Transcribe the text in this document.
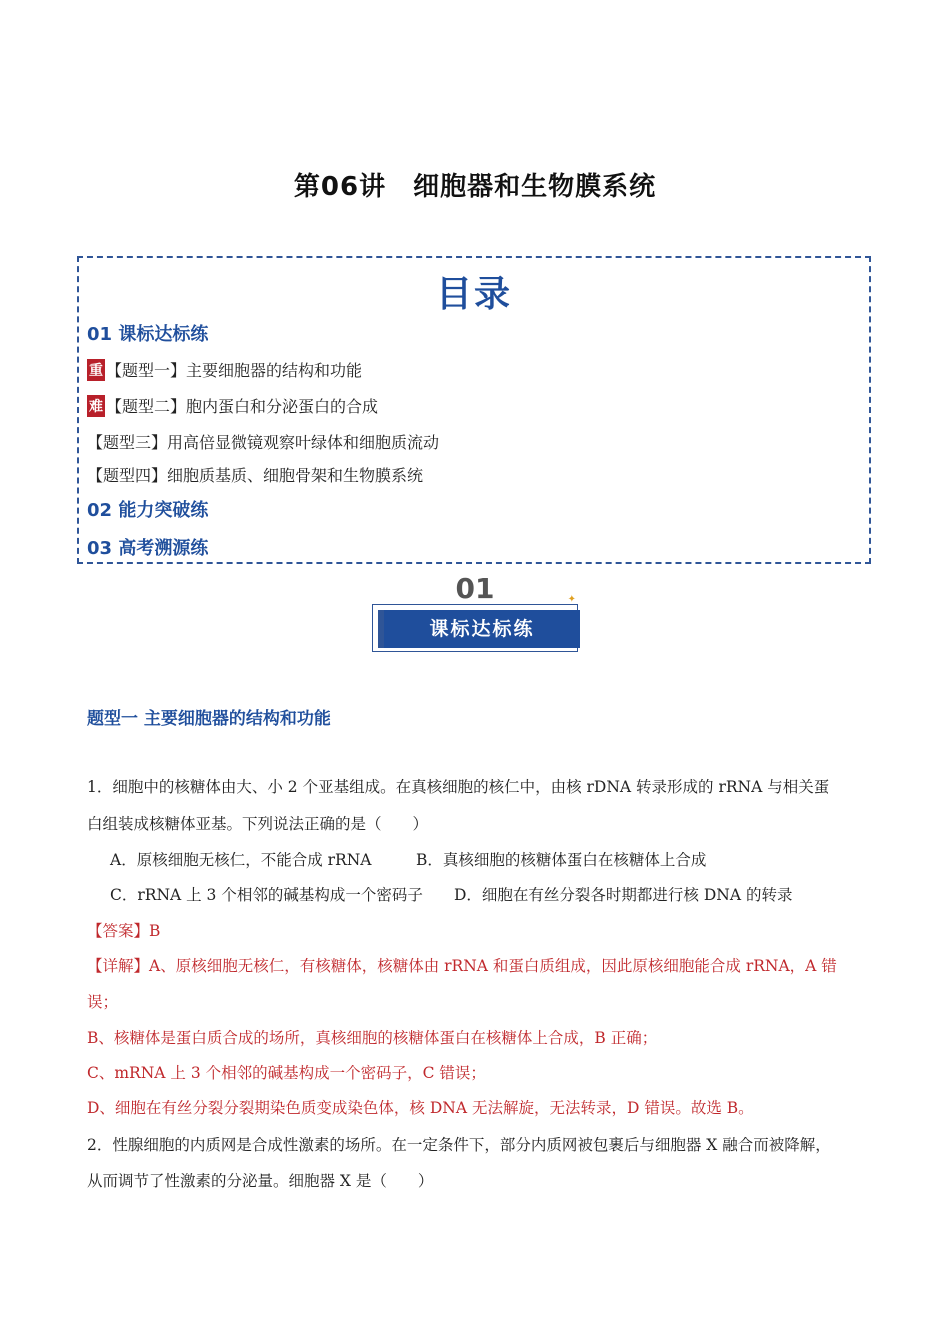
第06讲　细胞器和生物膜系统
目录
01 课标达标练
重 【题型一】主要细胞器的结构和功能
难 【题型二】胞内蛋白和分泌蛋白的合成
【题型三】用高倍显微镜观察叶绿体和细胞质流动
【题型四】细胞质基质、细胞骨架和生物膜系统
02 能力突破练
03 高考溯源练
01
课标达标练
✦
题型一 主要细胞器的结构和功能
1．细胞中的核糖体由大、小 2 个亚基组成。在真核细胞的核仁中，由核 rDNA 转录形成的 rRNA 与相关蛋
白组装成核糖体亚基。下列说法正确的是（　　）
A．原核细胞无核仁，不能合成 rRNA	B．真核细胞的核糖体蛋白在核糖体上合成
C．rRNA 上 3 个相邻的碱基构成一个密码子 D．细胞在有丝分裂各时期都进行核 DNA 的转录
【答案】B
【详解】A、原核细胞无核仁，有核糖体，核糖体由 rRNA 和蛋白质组成，因此原核细胞能合成 rRNA，A 错
误；
B、核糖体是蛋白质合成的场所，真核细胞的核糖体蛋白在核糖体上合成，B 正确；
C、mRNA 上 3 个相邻的碱基构成一个密码子，C 错误；
D、细胞在有丝分裂分裂期染色质变成染色体，核 DNA 无法解旋，无法转录，D 错误。故选 B。
2．性腺细胞的内质网是合成性激素的场所。在一定条件下，部分内质网被包裹后与细胞器 X 融合而被降解，
从而调节了性激素的分泌量。细胞器 X 是（　　）
